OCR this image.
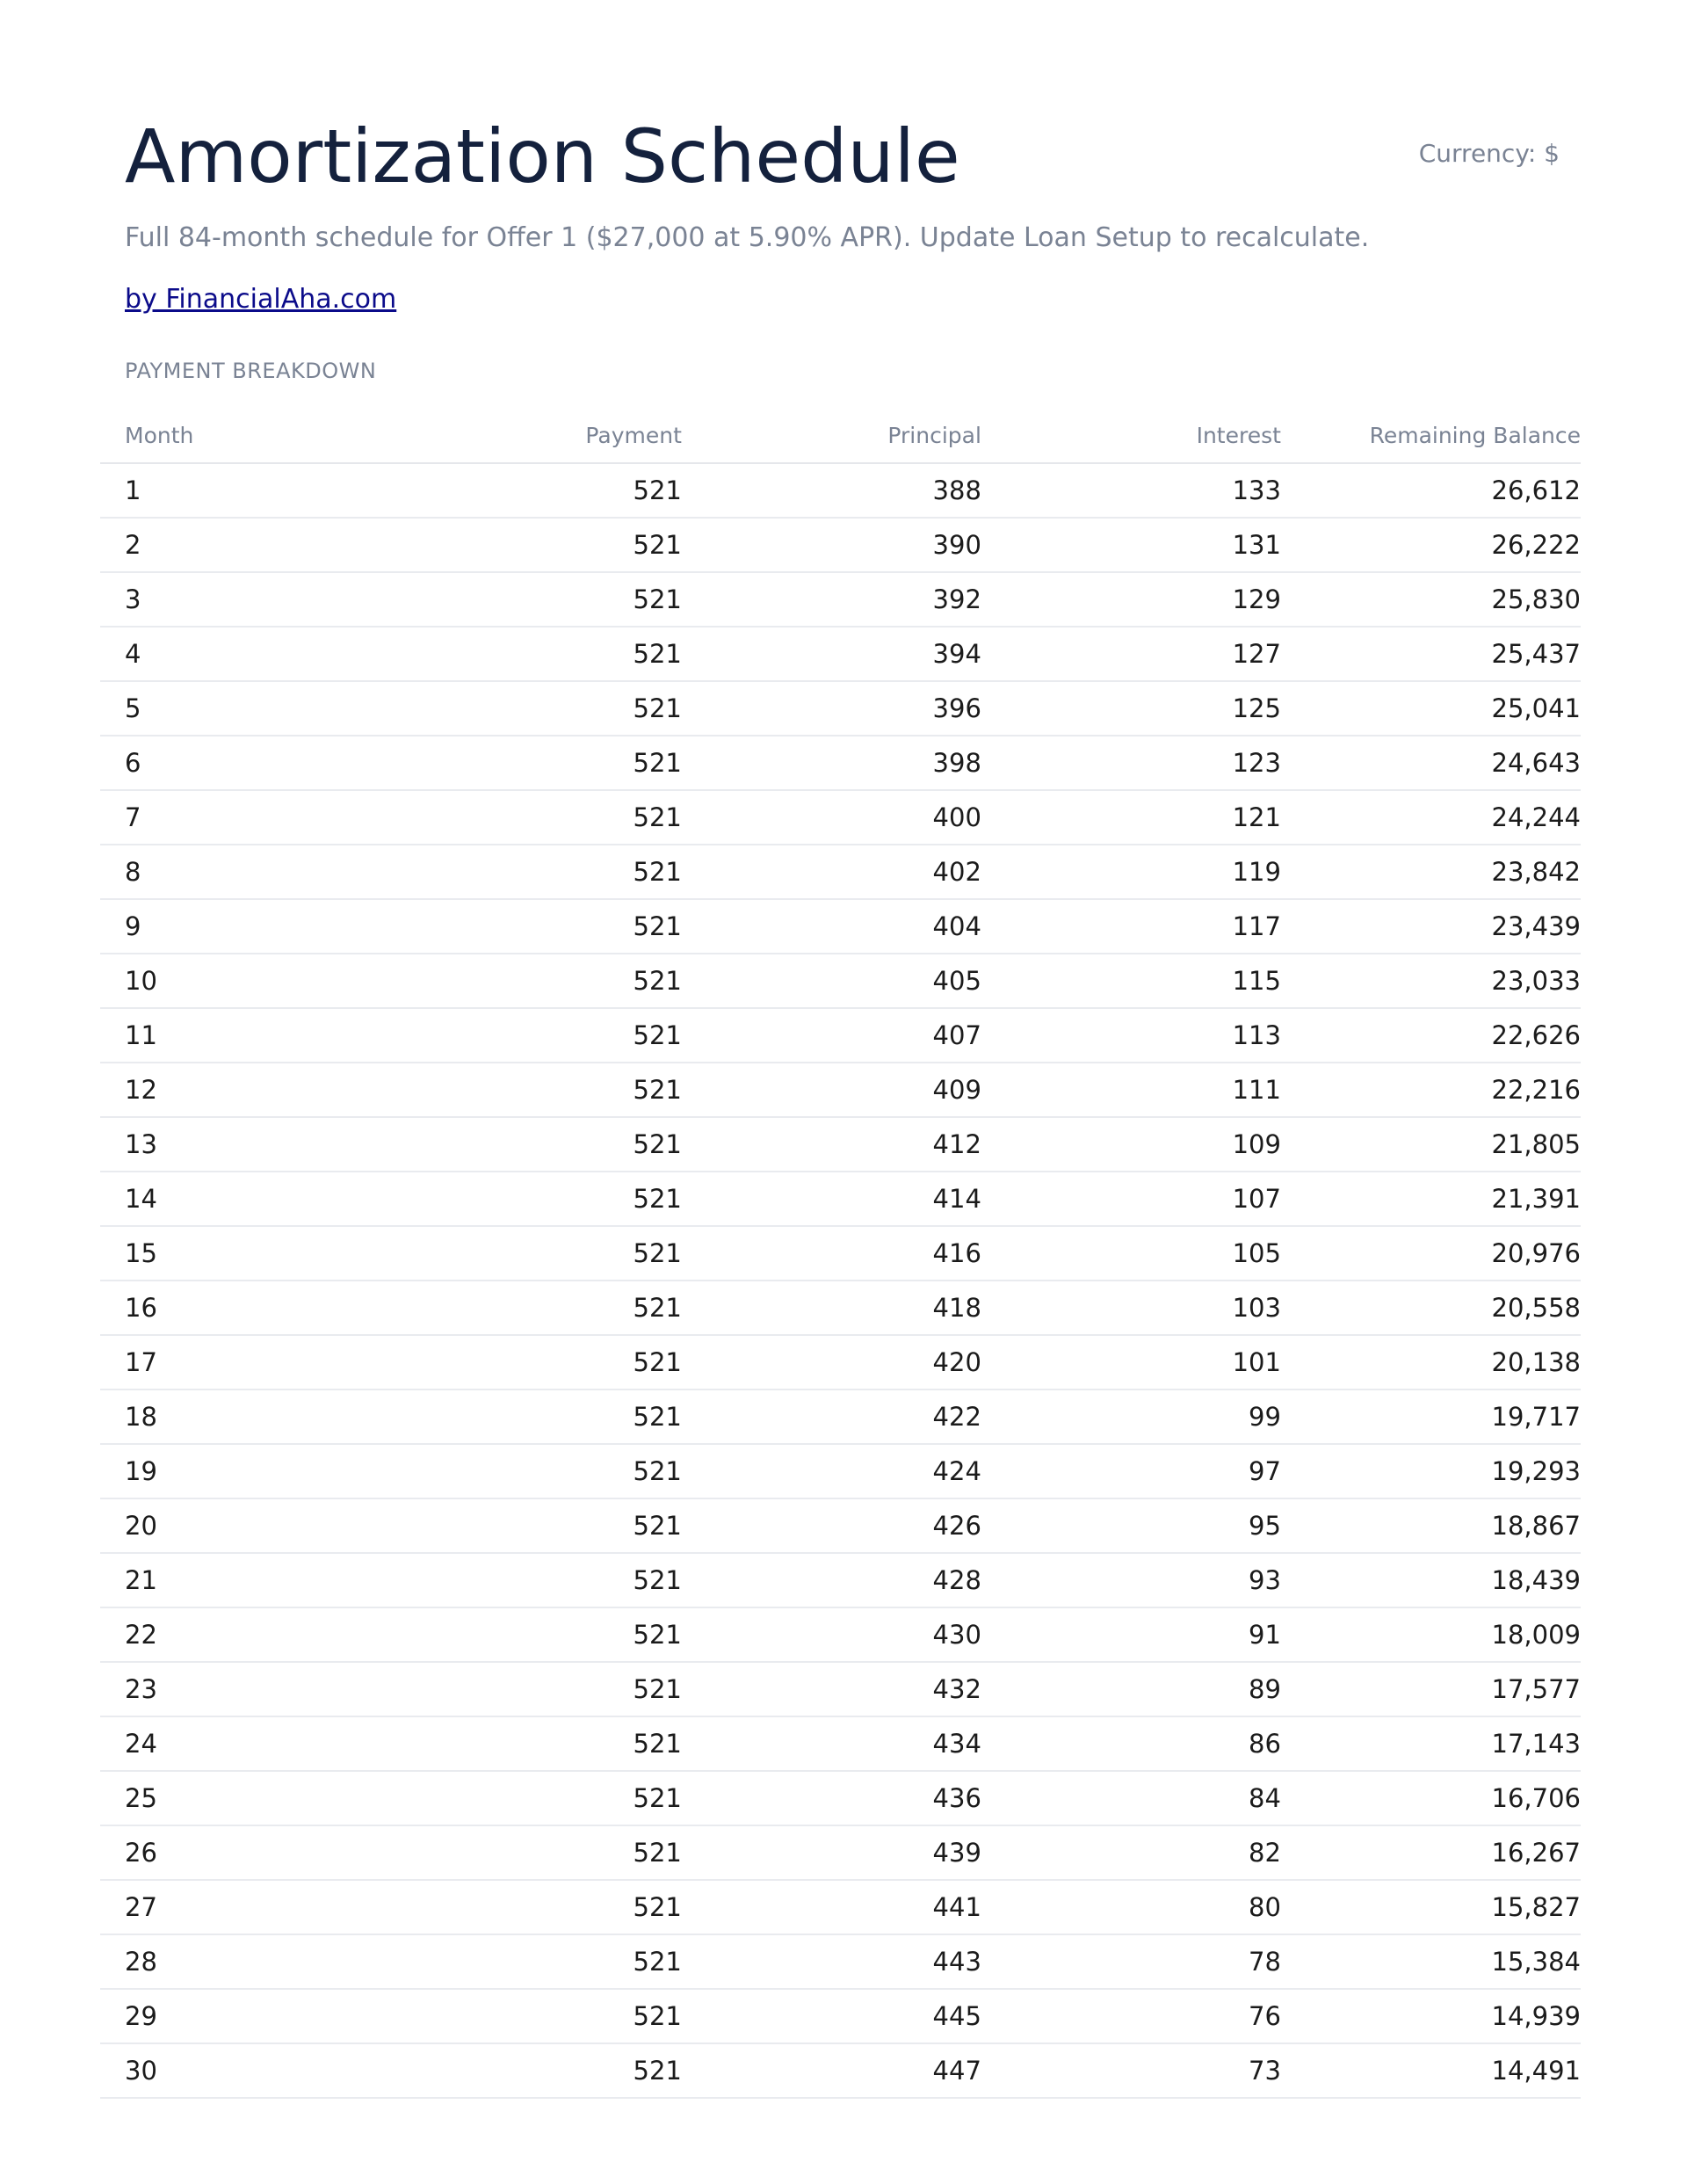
Amortization Schedule	Currency: $
Full 84-month schedule for Offer 1 ($27,000 at 5.90% APR). Update Loan Setup to recalculate.
by FinancialAha.com
PAYMENT BREAKDOWN
Month	Payment	Principal	Interest	Remaining Balance
1	521	388	133	26,612
2	521	390	131	26,222
3	521	392	129	25,830
4	521	394	127	25,437
5	521	396	125	25,041
6	521	398	123	24,643
7	521	400	121	24,244
8	521	402	119	23,842
9	521	404	117	23,439
10	521	405	115	23,033
11	521	407	113	22,626
12	521	409	111	22,216
13	521	412	109	21,805
14	521	414	107	21,391
15	521	416	105	20,976
16	521	418	103	20,558
17	521	420	101	20,138
18	521	422	99	19,717
19	521	424	97	19,293
20	521	426	95	18,867
21	521	428	93	18,439
22	521	430	91	18,009
23	521	432	89	17,577
24	521	434	86	17,143
25	521	436	84	16,706
26	521	439	82	16,267
27	521	441	80	15,827
28	521	443	78	15,384
29	521	445	76	14,939
30	521	447	73	14,491
